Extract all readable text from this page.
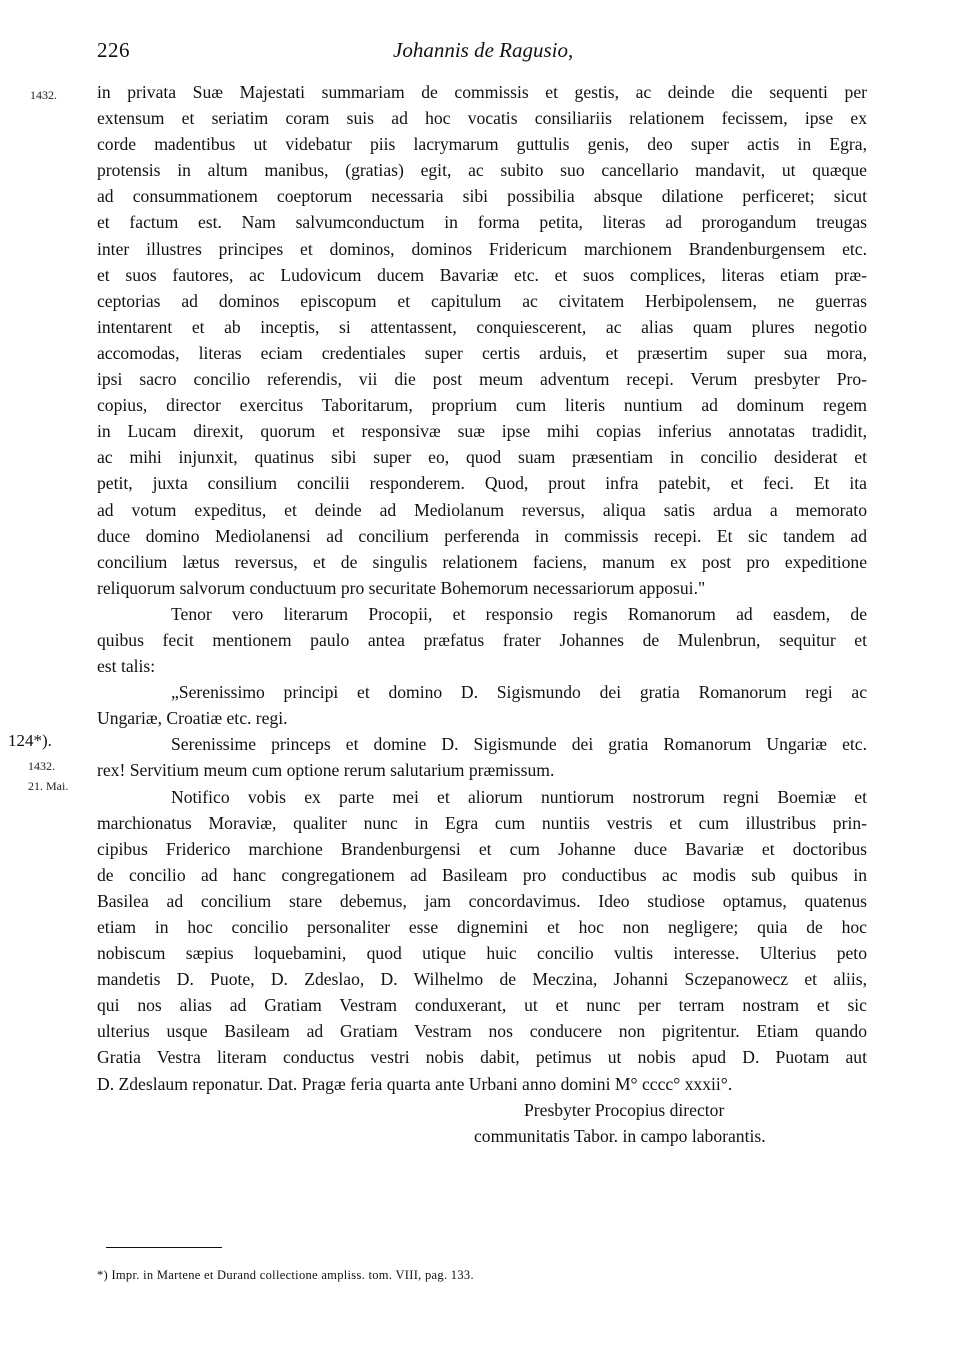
226	Johannis de Ragusio,
1432.
124*).
1432.
21. Mai.
in privata Suæ Majestati summariam de commissis et gestis, ac deinde die sequenti per
extensum et seriatim coram suis ad hoc vocatis consiliariis relationem fecissem, ipse ex
corde madentibus ut videbatur piis lacrymarum guttulis genis, deo super actis in Egra,
protensis in altum manibus, (gratias) egit, ac subito suo cancellario mandavit, ut quæque
ad consummationem coeptorum necessaria sibi possibilia absque dilatione perficeret; sicut
et factum est. Nam salvumconductum in forma petita, literas ad prorogandum treugas
inter illustres principes et dominos, dominos Fridericum marchionem Brandenburgensem etc.
et suos fautores, ac Ludovicum ducem Bavariæ etc. et suos complices, literas etiam præ-
ceptorias ad dominos episcopum et capitulum ac civitatem Herbipolensem, ne guerras
intentarent et ab inceptis, si attentassent, conquiescerent, ac alias quam plures negotio
accomodas, literas eciam credentiales super certis arduis, et præsertim super sua mora,
ipsi sacro concilio referendis, vii die post meum adventum recepi. Verum presbyter Pro-
copius, director exercitus Taboritarum, proprium cum literis nuntium ad dominum regem
in Lucam direxit, quorum et responsivæ suæ ipse mihi copias inferius annotatas tradidit,
ac mihi injunxit, quatinus sibi super eo, quod suam præsentiam in concilio desiderat et
petit, juxta consilium concilii responderem. Quod, prout infra patebit, et feci. Et ita
ad votum expeditus, et deinde ad Mediolanum reversus, aliqua satis ardua a memorato
duce domino Mediolanensi ad concilium perferenda in commissis recepi. Et sic tandem ad
concilium lætus reversus, et de singulis relationem faciens, manum ex post pro expeditione
reliquorum salvorum conductuum pro securitate Bohemorum necessariorum apposui."
Tenor vero literarum Procopii, et responsio regis Romanorum ad easdem, de
quibus fecit mentionem paulo antea præfatus frater Johannes de Mulenbrun, sequitur et
est talis:
„Serenissimo principi et domino D. Sigismundo dei gratia Romanorum regi ac
Ungariæ, Croatiæ etc. regi.
Serenissime princeps et domine D. Sigismunde dei gratia Romanorum Ungariæ etc.
rex! Servitium meum cum optione rerum salutarium præmissum.
Notifico vobis ex parte mei et aliorum nuntiorum nostrorum regni Boemiæ et
marchionatus Moraviæ, qualiter nunc in Egra cum nuntiis vestris et cum illustribus prin-
cipibus Friderico marchione Brandenburgensi et cum Johanne duce Bavariæ et doctoribus
de concilio ad hanc congregationem ad Basileam pro conductibus ac modis sub quibus in
Basilea ad concilium stare debemus, jam concordavimus. Ideo studiose optamus, quatenus
etiam in hoc concilio personaliter esse dignemini et hoc non negligere; quia de hoc
nobiscum sæpius loquebamini, quod utique huic concilio vultis interesse. Ulterius peto
mandetis D. Puote, D. Zdeslao, D. Wilhelmo de Meczina, Johanni Sczepanowecz et aliis,
qui nos alias ad Gratiam Vestram conduxerant, ut et nunc per terram nostram et sic
ulterius usque Basileam ad Gratiam Vestram nos conducere non pigritentur. Etiam quando
Gratia Vestra literam conductus vestri nobis dabit, petimus ut nobis apud D. Puotam aut
D. Zdeslaum reponatur. Dat. Pragæ feria quarta ante Urbani anno domini M° cccc° xxxii°.
Presbyter Procopius director
communitatis Tabor. in campo laborantis.
*) Impr. in Martene et Durand collectione ampliss. tom. VIII, pag. 133.
